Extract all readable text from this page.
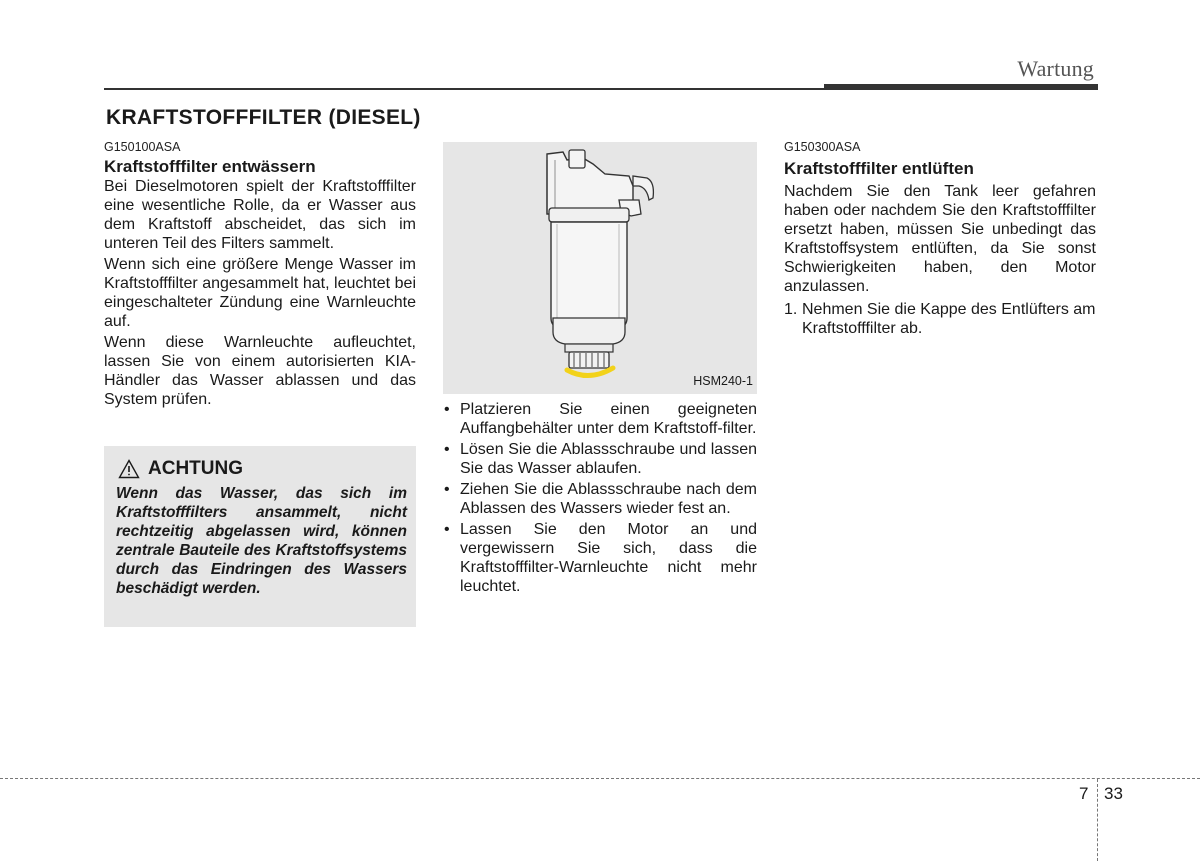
Wartung
KRAFTSTOFFFILTER (DIESEL)
G150100ASA
Kraftstofffilter entwässern

Bei Dieselmotoren spielt der Kraftstofffilter eine wesentliche Rolle, da er Wasser aus dem Kraftstoff abscheidet, das sich im unteren Teil des Filters sammelt.

Wenn sich eine größere Menge Wasser im Kraftstofffilter angesammelt hat, leuchtet bei eingeschalteter Zündung eine Warnleuchte auf.

Wenn diese Warnleuchte aufleuchtet, lassen Sie von einem autorisierten KIA-Händler das Wasser ablassen und das System prüfen.

ACHTUNG

Wenn das Wasser, das sich im Kraftstofffilters ansammelt, nicht rechtzeitig abgelassen wird, können zentrale Bauteile des Kraftstoffsystems durch das Eindringen des Wassers beschädigt werden.

HSM240-1
• Platzieren Sie einen geeigneten Auffangbehälter unter dem Kraftstoff-filter.
• Lösen Sie die Ablassschraube und lassen Sie das Wasser ablaufen.
• Ziehen Sie die Ablassschraube nach dem Ablassen des Wassers wieder fest an.
• Lassen Sie den Motor an und vergewissern Sie sich, dass die Kraftstofffilter-Warnleuchte nicht mehr leuchtet.
G150300ASA
Kraftstofffilter entlüften

Nachdem Sie den Tank leer gefahren haben oder nachdem Sie den Kraftstofffilter ersetzt haben, müssen Sie unbedingt das Kraftstoffsystem entlüften, da Sie sonst Schwierigkeiten haben, den Motor anzulassen.

1. Nehmen Sie die Kappe des Entlüfters am Kraftstofffilter ab.
7 33
